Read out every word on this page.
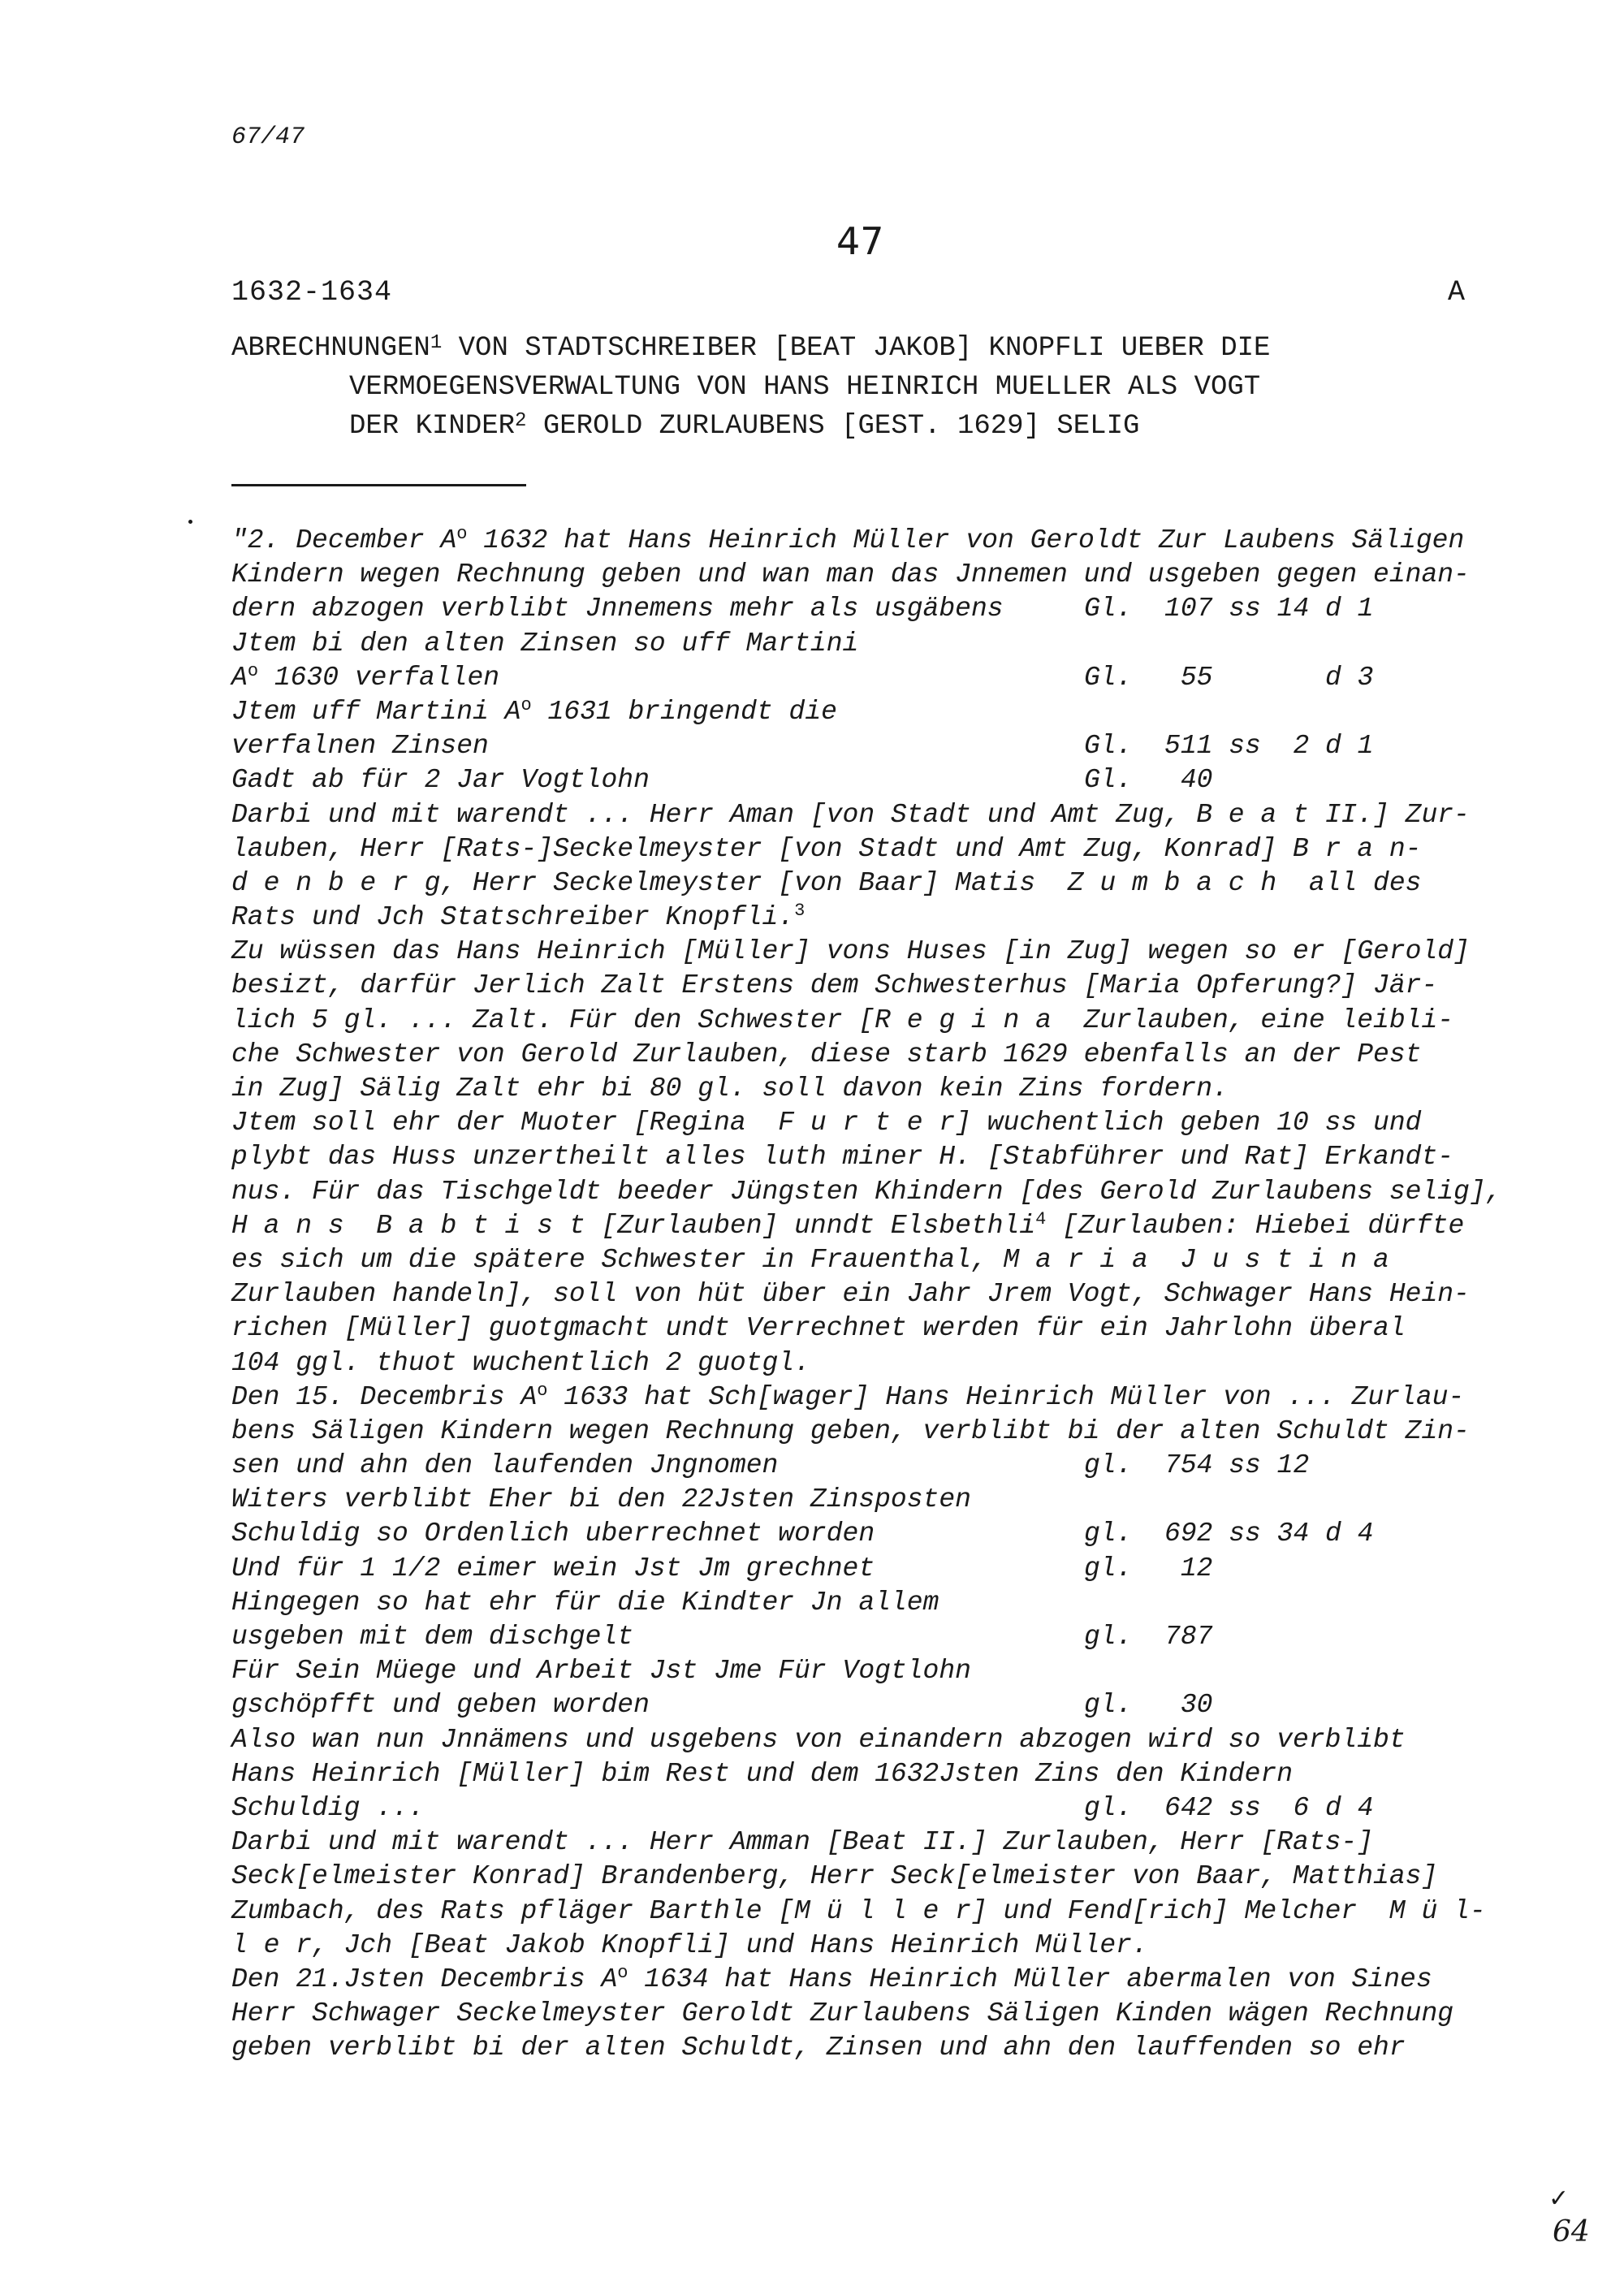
67/47
47
1632-1634	A
ABRECHNUNGEN$^1$ VON STADTSCHREIBER [BEAT JAKOB] KNOPFLI UEBER DIE
VERMOEGENSVERWALTUNG VON HANS HEINRICH MUELLER ALS VOGT
DER KINDER$^2$ GEROLD ZURLAUBENS [GEST. 1629] SELIG
"2. December $A^o$ 1632 hat Hans Heinrich Müller von Geroldt Zur Laubens Säligen
Kindern wegen Rechnung geben und wan man das Jnnemen und usgeben gegen einan-
dern abzogen verblibt Jnnemens mehr als usgäbens	Gl.  107 ss 14 d 1
Jtem bi den alten Zinsen so uff Martini
$A^o$ 1630 verfallen	Gl.   55       d 3
Jtem uff Martini $A^o$ 1631 bringendt die
verfalnen Zinsen	Gl.  511 ss  2 d 1
Gadt ab für 2 Jar Vogtlohn	Gl.   40
Darbi und mit warendt ... Herr Aman [von Stadt und Amt Zug, B e a t II.] Zur-
lauben, Herr [Rats-]Seckelmeyster [von Stadt und Amt Zug, Konrad] B r a n-
d e n b e r g, Herr Seckelmeyster [von Baar] Matis  Z u m b a c h  all des
Rats und Jch Statschreiber Knopfli.$^3$
Zu wüssen das Hans Heinrich [Müller] vons Huses [in Zug] wegen so er [Gerold]
besizt, darfür Jerlich Zalt Erstens dem Schwesterhus [Maria Opferung?] Jär-
lich 5 gl. ... Zalt. Für den Schwester [R e g i n a  Zurlauben, eine leibli-
che Schwester von Gerold Zurlauben, diese starb 1629 ebenfalls an der Pest
in Zug] Sälig Zalt ehr bi 80 gl. soll davon kein Zins fordern.
Jtem soll ehr der Muoter [Regina  F u r t e r] wuchentlich geben 10 ss und
plybt das Huss unzertheilt alles luth miner H. [Stabführer und Rat] Erkandt-
nus. Für das Tischgeldt beeder Jüngsten Khindern [des Gerold Zurlaubens selig],
H a n s  B a b t i s t [Zurlauben] unndt Elsbethli$^4$ [Zurlauben: Hiebei dürfte
es sich um die spätere Schwester in Frauenthal, M a r i a  J u s t i n a
Zurlauben handeln], soll von hüt über ein Jahr Jrem Vogt, Schwager Hans Hein-
richen [Müller] guotgmacht undt Verrechnet werden für ein Jahrlohn überal
104 ggl. thuot wuchentlich 2 guotgl.
Den 15. Decembris $A^o$ 1633 hat Sch[wager] Hans Heinrich Müller von ... Zurlau-
bens Säligen Kindern wegen Rechnung geben, verblibt bi der alten Schuldt Zin-
sen und ahn den laufenden Jngnomen	gl.  754 ss 12
Witers verblibt Eher bi den 22Jsten Zinsposten
Schuldig so Ordenlich uberrechnet worden	gl.  692 ss 34 d 4
Und für 1 1/2 eimer wein Jst Jm grechnet	gl.   12
Hingegen so hat ehr für die Kindter Jn allem
usgeben mit dem dischgelt	gl.  787
Für Sein Müege und Arbeit Jst Jme Für Vogtlohn
gschöpfft und geben worden	gl.   30
Also wan nun Jnnämens und usgebens von einandern abzogen wird so verblibt
Hans Heinrich [Müller] bim Rest und dem 1632Jsten Zins den Kindern
Schuldig ...	gl.  642 ss  6 d 4
Darbi und mit warendt ... Herr Amman [Beat II.] Zurlauben, Herr [Rats-]
Seck[elmeister Konrad] Brandenberg, Herr Seck[elmeister von Baar, Matthias]
Zumbach, des Rats pfläger Barthle [M ü l l e r] und Fend[rich] Melcher  M ü l-
l e r, Jch [Beat Jakob Knopfli] und Hans Heinrich Müller.
Den 21.Jsten Decembris $A^o$ 1634 hat Hans Heinrich Müller abermalen von Sines
Herr Schwager Seckelmeyster Geroldt Zurlaubens Säligen Kinden wägen Rechnung
geben verblibt bi der alten Schuldt, Zinsen und ahn den lauffenden so ehr
✓
64
